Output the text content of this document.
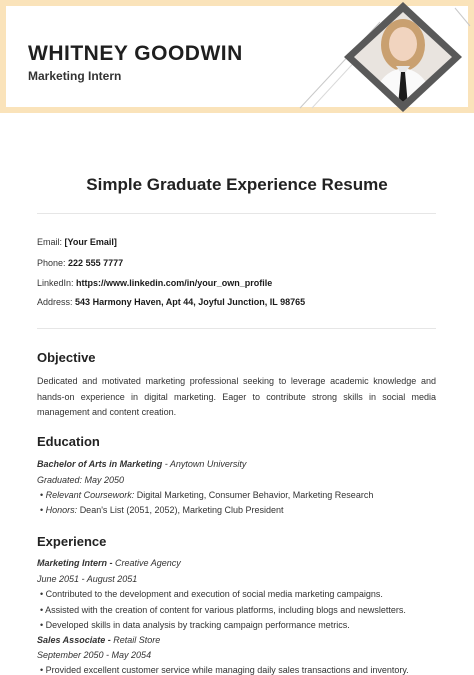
WHITNEY GOODWIN
Marketing Intern
Simple Graduate Experience Resume
Email: [Your Email]
Phone: 222 555 7777
LinkedIn: https://www.linkedin.com/in/your_own_profile
Address: 543 Harmony Haven, Apt 44, Joyful Junction, IL 98765
Objective
Dedicated and motivated marketing professional seeking to leverage academic knowledge and hands-on experience in digital marketing. Eager to contribute strong skills in social media management and content creation.
Education
Bachelor of Arts in Marketing - Anytown University
Graduated: May 2050
• Relevant Coursework: Digital Marketing, Consumer Behavior, Marketing Research
• Honors: Dean's List (2051, 2052), Marketing Club President
Experience
Marketing Intern - Creative Agency
June 2051 - August 2051
• Contributed to the development and execution of social media marketing campaigns.
• Assisted with the creation of content for various platforms, including blogs and newsletters.
• Developed skills in data analysis by tracking campaign performance metrics.
Sales Associate - Retail Store
September 2050 - May 2054
• Provided excellent customer service while managing daily sales transactions and inventory.
